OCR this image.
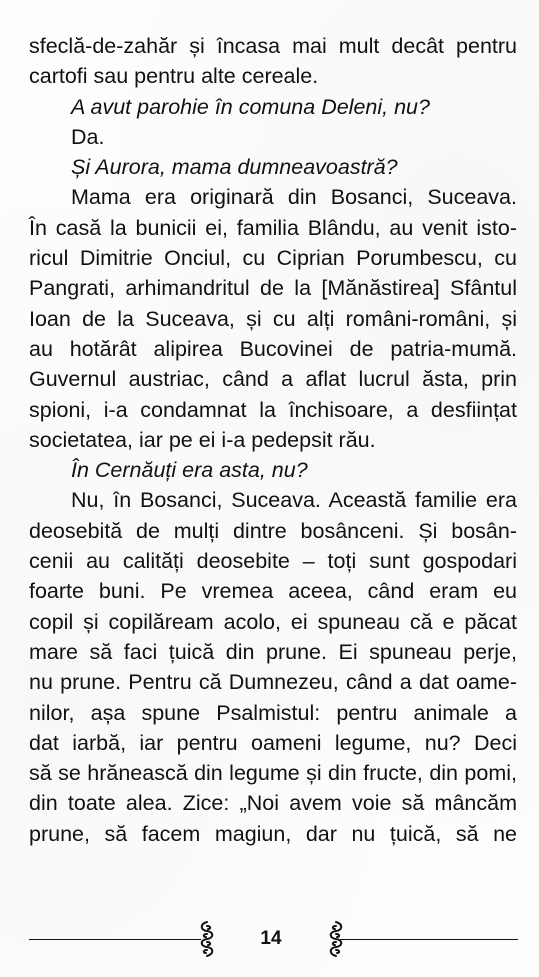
sfeclă-de-zahăr și încasa mai mult decât pentru
cartofi sau pentru alte cereale.
A avut parohie în comuna Deleni, nu?
Da.
Și Aurora, mama dumneavoastră?
Mama era originară din Bosanci, Suceava.
În casă la bunicii ei, familia Blându, au venit isto-
ricul Dimitrie Onciul, cu Ciprian Porumbescu, cu
Pangrati, arhimandritul de la [Mănăstirea] Sfântul
Ioan de la Suceava, și cu alți români-români, și
au hotărât alipirea Bucovinei de patria-mumă.
Guvernul austriac, când a aflat lucrul ăsta, prin
spioni, i-a condamnat la închisoare, a desființat
societatea, iar pe ei i-a pedepsit rău.
În Cernăuți era asta, nu?
Nu, în Bosanci, Suceava. Această familie era
deosebită de mulți dintre bosânceni. Și bosân-
cenii au calități deosebite – toți sunt gospodari
foarte buni. Pe vremea aceea, când eram eu
copil și copilăream acolo, ei spuneau că e păcat
mare să faci țuică din prune. Ei spuneau perje,
nu prune. Pentru că Dumnezeu, când a dat oame-
nilor, așa spune Psalmistul: pentru animale a
dat iarbă, iar pentru oameni legume, nu? Deci
să se hrănească din legume și din fructe, din pomi,
din toate alea. Zice: „Noi avem voie să mâncăm
prune, să facem magiun, dar nu țuică, să ne
14
